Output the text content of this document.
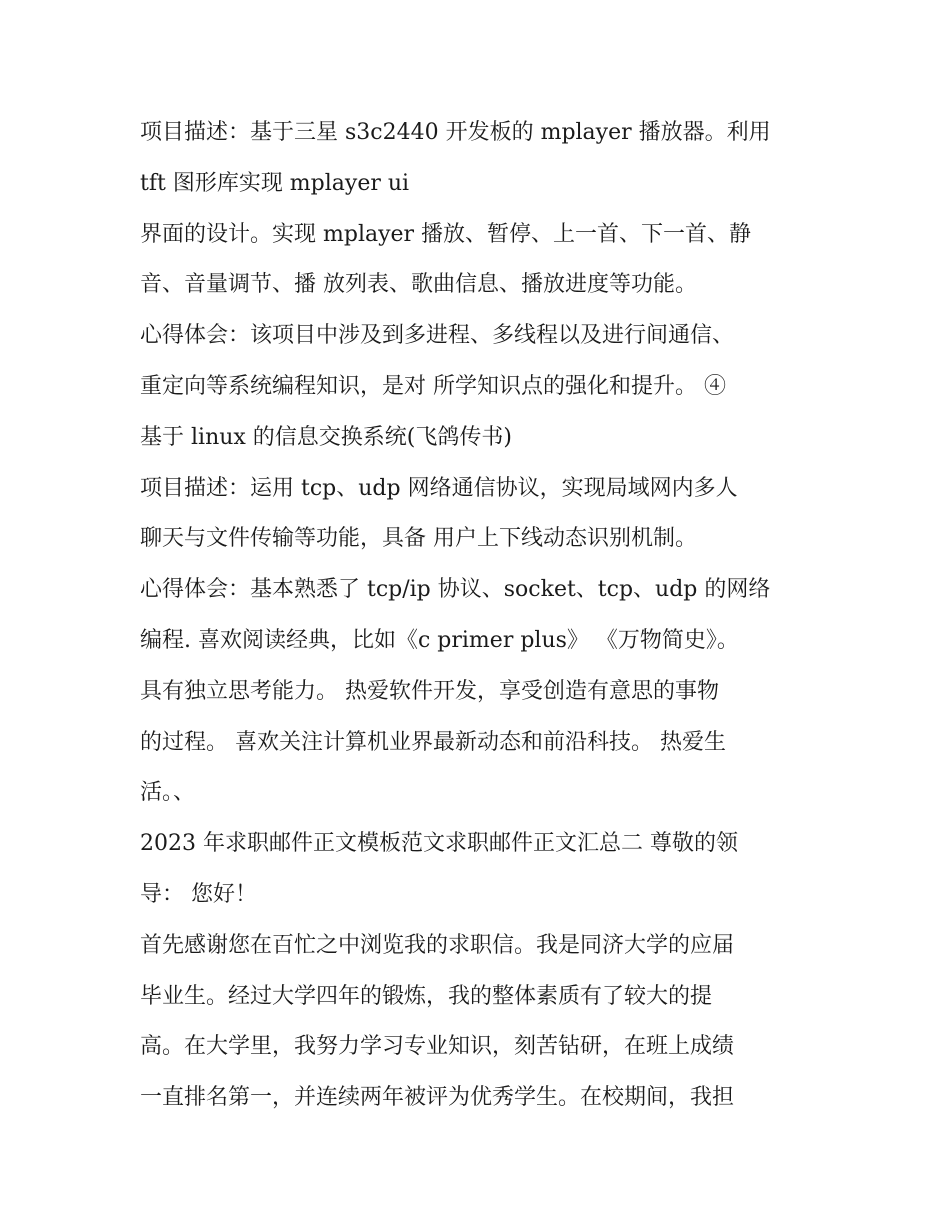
项目描述：基于三星 s3c2440 开发板的 mplayer 播放器。利用
tft 图形库实现 mplayer ui
界面的设计。实现 mplayer 播放、暂停、上一首、下一首、静
音、音量调节、播 放列表、歌曲信息、播放进度等功能。
心得体会：该项目中涉及到多进程、多线程以及进行间通信、
重定向等系统编程知识，是对 所学知识点的强化和提升。 ④
基于 linux 的信息交换系统(飞鸽传书)
项目描述：运用 tcp、udp 网络通信协议，实现局域网内多人
聊天与文件传输等功能，具备 用户上下线动态识别机制。
心得体会：基本熟悉了 tcp/ip 协议、socket、tcp、udp 的网络
编程. 喜欢阅读经典，比如《c primer plus》 《万物简史》。
具有独立思考能力。 热爱软件开发，享受创造有意思的事物
的过程。 喜欢关注计算机业界最新动态和前沿科技。 热爱生
活。、
2023 年求职邮件正文模板范文求职邮件正文汇总二 尊敬的领
导： 您好！
首先感谢您在百忙之中浏览我的求职信。我是同济大学的应届
毕业生。经过大学四年的锻炼，我的整体素质有了较大的提
高。在大学里，我努力学习专业知识，刻苦钻研，在班上成绩
一直排名第一，并连续两年被评为优秀学生。在校期间，我担
